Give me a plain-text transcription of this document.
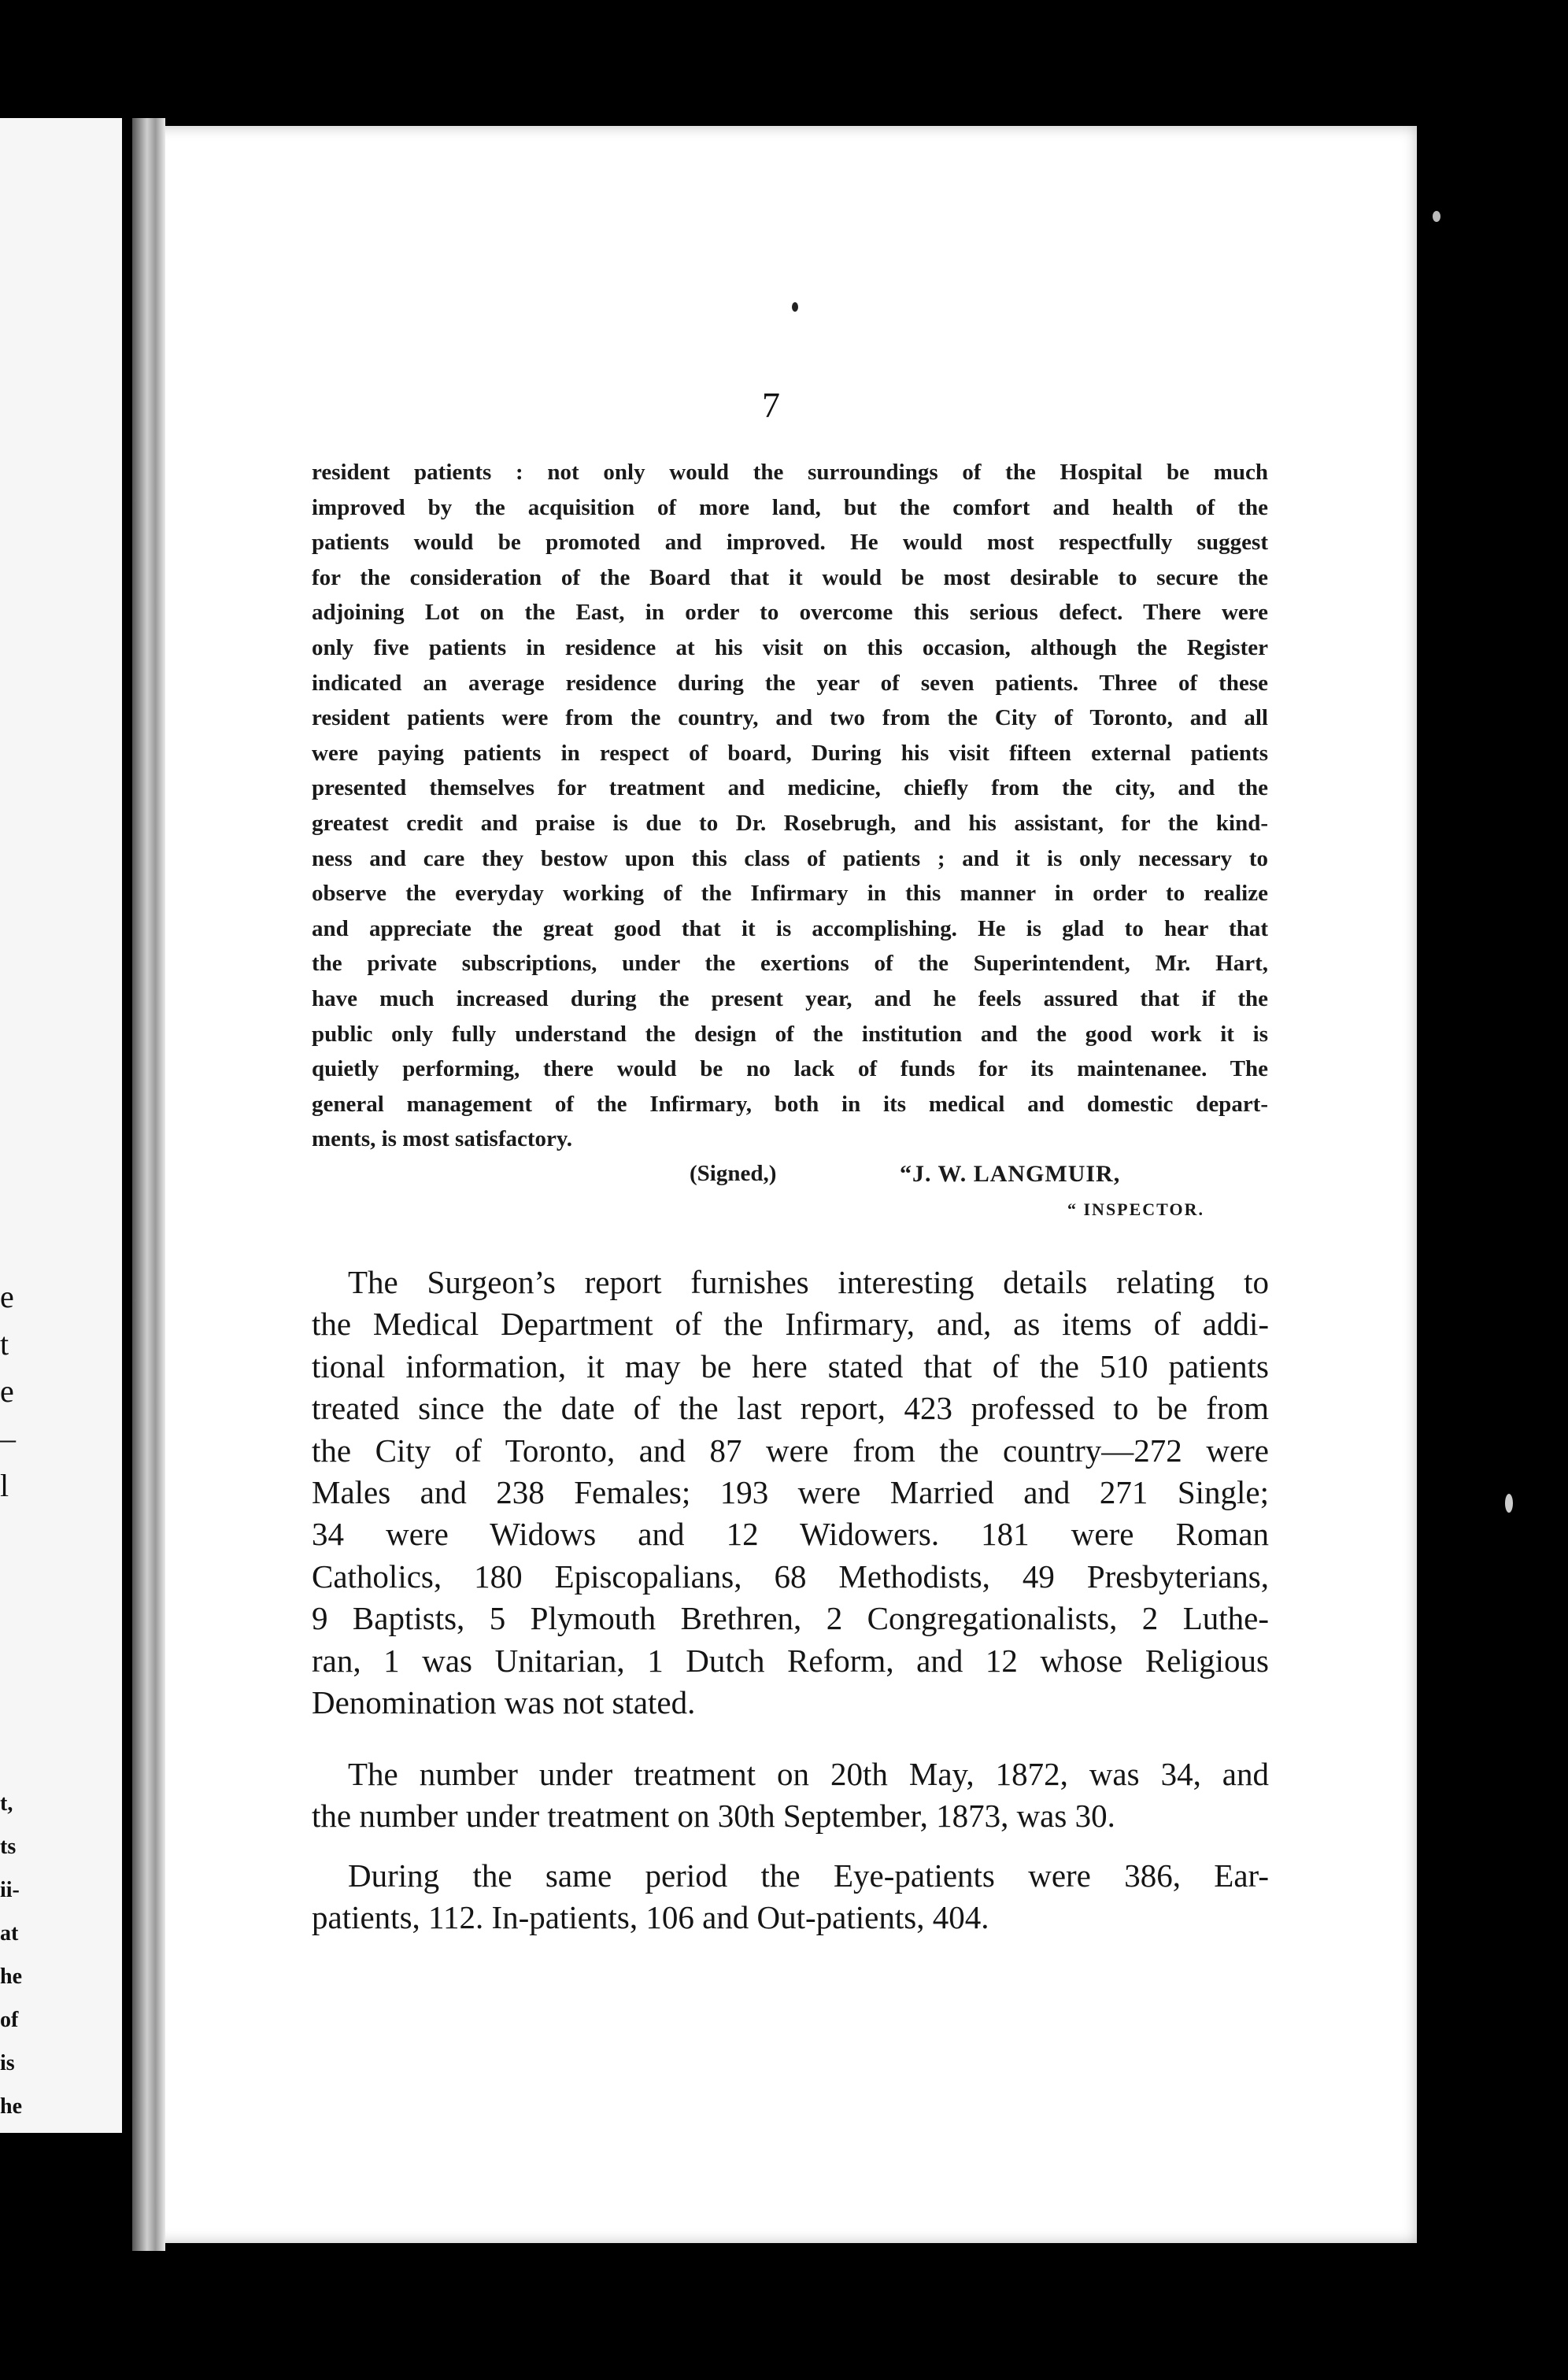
e
t
e
–
l
t,
ts
ii-
at
he
of
is
he
7
resident patients : not only would the surroundings of the Hospital be much
improved by the acquisition of more land, but the comfort and health of the
patients would be promoted and improved. He would most respectfully suggest
for the consideration of the Board that it would be most desirable to secure the
adjoining Lot on the East, in order to overcome this serious defect. There were
only five patients in residence at his visit on this occasion, although the Register
indicated an average residence during the year of seven patients. Three of these
resident patients were from the country, and two from the City of Toronto, and all
were paying patients in respect of board, During his visit fifteen external patients
presented themselves for treatment and medicine, chiefly from the city, and the
greatest credit and praise is due to Dr. Rosebrugh, and his assistant, for the kind-
ness and care they bestow upon this class of patients ; and it is only necessary to
observe the everyday working of the Infirmary in this manner in order to realize
and appreciate the great good that it is accomplishing. He is glad to hear that
the private subscriptions, under the exertions of the Superintendent, Mr. Hart,
have much increased during the present year, and he feels assured that if the
public only fully understand the design of the institution and the good work it is
quietly performing, there would be no lack of funds for its maintenanee. The
general management of the Infirmary, both in its medical and domestic depart-
ments, is most satisfactory.
(Signed,)	“J. W. LANGMUIR,
“ INSPECTOR.
The Surgeon’s report furnishes interesting details relating to
the Medical Department of the Infirmary, and, as items of addi-
tional information, it may be here stated that of the 510 patients
treated since the date of the last report, 423 professed to be from
the City of Toronto, and 87 were from the country—272 were
Males and 238 Females; 193 were Married and 271 Single;
34 were Widows and 12 Widowers. 181 were Roman
Catholics, 180 Episcopalians, 68 Methodists, 49 Presbyterians,
9 Baptists, 5 Plymouth Brethren, 2 Congregationalists, 2 Luthe-
ran, 1 was Unitarian, 1 Dutch Reform, and 12 whose Religious
Denomination was not stated.
The number under treatment on 20th May, 1872, was 34, and
the number under treatment on 30th September, 1873, was 30.
During the same period the Eye-patients were 386, Ear-
patients, 112. In-patients, 106 and Out-patients, 404.
